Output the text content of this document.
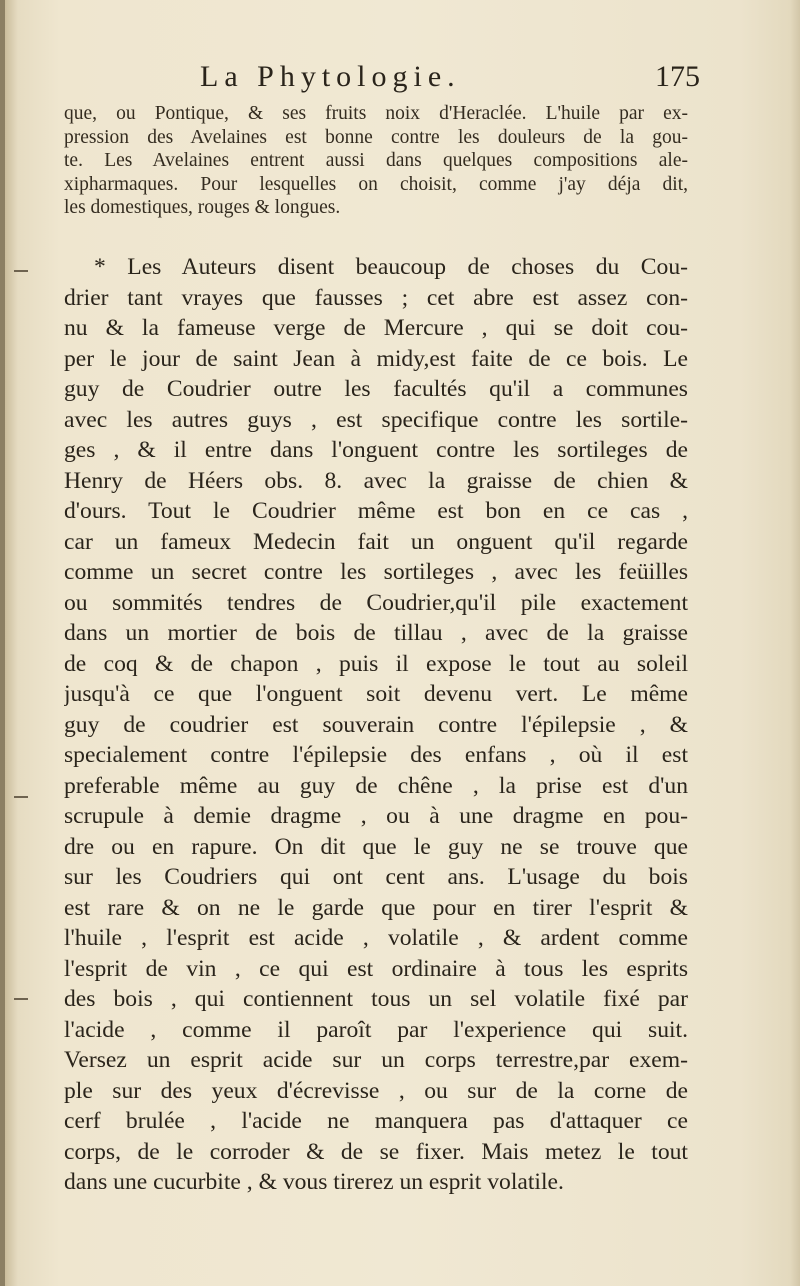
La Phytologie.	175
que, ou Pontique, & ses fruits noix d'Heraclée. L'huile par ex-
pression des Avelaines est bonne contre les douleurs de la gou-
te. Les Avelaines entrent aussi dans quelques compositions ale-
xipharmaques. Pour lesquelles on choisit, comme j'ay déja dit,
les domestiques, rouges & longues.
* Les Auteurs disent beaucoup de choses du Cou-
drier tant vrayes que fausses ; cet abre est assez con-
nu & la fameuse verge de Mercure , qui se doit cou-
per le jour de saint Jean à midy,est faite de ce bois. Le
guy de Coudrier outre les facultés qu'il a communes
avec les autres guys , est specifique contre les sortile-
ges , & il entre dans l'onguent contre les sortileges de
Henry de Héers obs. 8. avec la graisse de chien &
d'ours. Tout le Coudrier même est bon en ce cas ,
car un fameux Medecin fait un onguent qu'il regarde
comme un secret contre les sortileges , avec les feüilles
ou sommités tendres de Coudrier,qu'il pile exactement
dans un mortier de bois de tillau , avec de la graisse
de coq & de chapon , puis il expose le tout au soleil
jusqu'à ce que l'onguent soit devenu vert. Le même
guy de coudrier est souverain contre l'épilepsie , &
specialement contre l'épilepsie des enfans , où il est
preferable même au guy de chêne , la prise est d'un
scrupule à demie dragme , ou à une dragme en pou-
dre ou en rapure. On dit que le guy ne se trouve que
sur les Coudriers qui ont cent ans. L'usage du bois
est rare & on ne le garde que pour en tirer l'esprit &
l'huile , l'esprit est acide , volatile , & ardent comme
l'esprit de vin , ce qui est ordinaire à tous les esprits
des bois , qui contiennent tous un sel volatile fixé par
l'acide , comme il paroît par l'experience qui suit.
Versez un esprit acide sur un corps terrestre,par exem-
ple sur des yeux d'écrevisse , ou sur de la corne de
cerf brulée , l'acide ne manquera pas d'attaquer ce
corps, de le corroder & de se fixer. Mais metez le tout
dans une cucurbite , & vous tirerez un esprit volatile.
